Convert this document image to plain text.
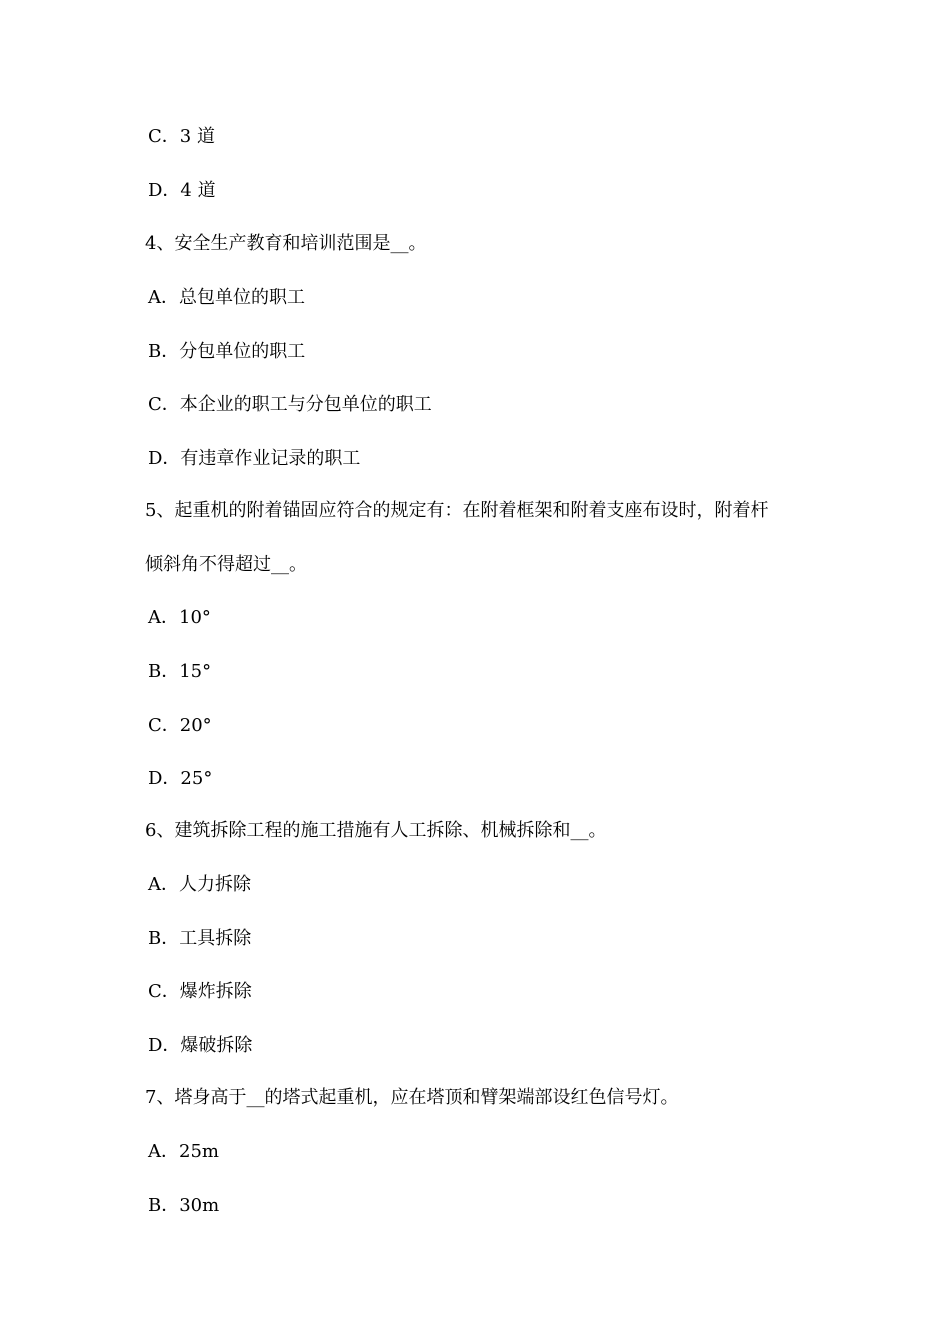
C．3 道
D．4 道
4、安全生产教育和培训范围是__。
A．总包单位的职工
B．分包单位的职工
C．本企业的职工与分包单位的职工
D．有违章作业记录的职工
5、起重机的附着锚固应符合的规定有：在附着框架和附着支座布设时，附着杆
倾斜角不得超过__。
A．10°
B．15°
C．20°
D．25°
6、建筑拆除工程的施工措施有人工拆除、机械拆除和__。
A．人力拆除
B．工具拆除
C．爆炸拆除
D．爆破拆除
7、塔身高于__的塔式起重机，应在塔顶和臂架端部设红色信号灯。
A．25m
B．30m
